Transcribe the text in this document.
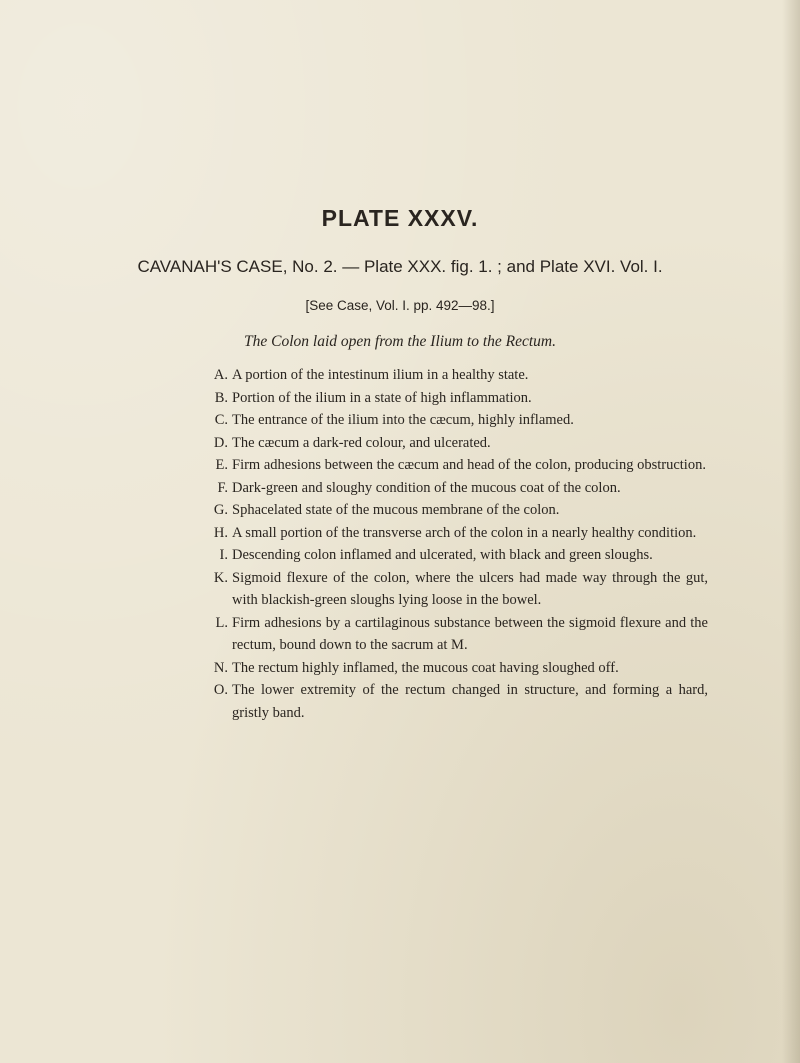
PLATE XXXV.
CAVANAH'S CASE, No. 2. — Plate XXX. fig. 1. ; and Plate XVI. Vol. I.
[See Case, Vol. I. pp. 492—98.]
The Colon laid open from the Ilium to the Rectum.
A. A portion of the intestinum ilium in a healthy state.
B. Portion of the ilium in a state of high inflammation.
C. The entrance of the ilium into the cæcum, highly inflamed.
D. The cæcum a dark-red colour, and ulcerated.
E. Firm adhesions between the cæcum and head of the colon, producing obstruction.
F. Dark-green and sloughy condition of the mucous coat of the colon.
G. Sphacelated state of the mucous membrane of the colon.
H. A small portion of the transverse arch of the colon in a nearly healthy condition.
I. Descending colon inflamed and ulcerated, with black and green sloughs.
K. Sigmoid flexure of the colon, where the ulcers had made way through the gut, with blackish-green sloughs lying loose in the bowel.
L. Firm adhesions by a cartilaginous substance between the sigmoid flexure and the rectum, bound down to the sacrum at M.
N. The rectum highly inflamed, the mucous coat having sloughed off.
O. The lower extremity of the rectum changed in structure, and forming a hard, gristly band.
